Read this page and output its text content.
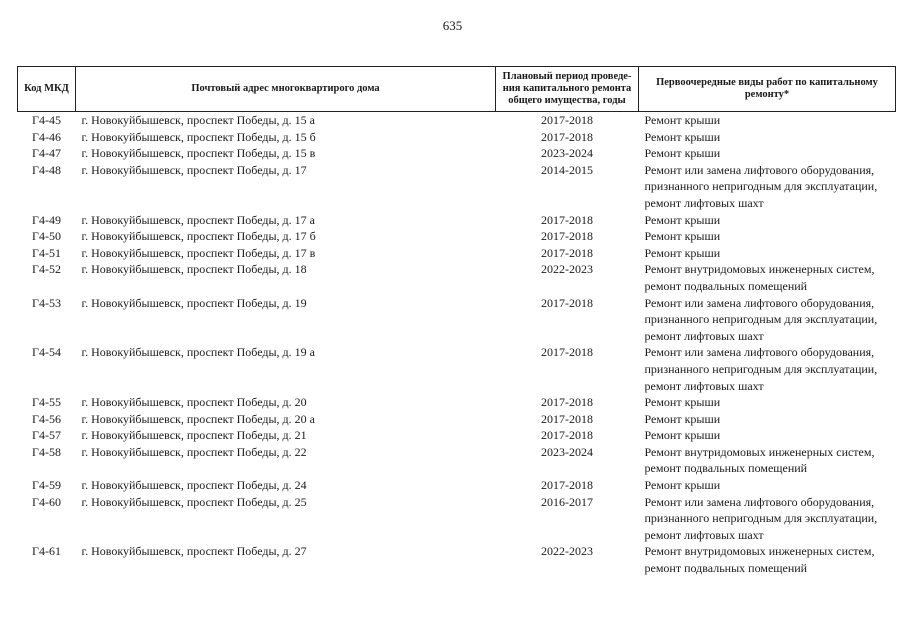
635
Код МКД	Почтовый адрес многоквартирого дома	Плановый период проведе-ния капитального ремонта общего имущества, годы	Первоочередные виды работ по капитальному ремонту*
Г4-45	г. Новокуйбышевск, проспект Победы, д. 15 а	2017-2018	Ремонт крыши

Г4-46	г. Новокуйбышевск, проспект Победы, д. 15 б	2017-2018	Ремонт крыши

Г4-47	г. Новокуйбышевск, проспект Победы, д. 15 в	2023-2024	Ремонт крыши

Г4-48	г. Новокуйбышевск, проспект Победы, д. 17	2014-2015	Ремонт или замена лифтового оборудования,
признанного непригодным для эксплуатации,
ремонт лифтовых шахт

Г4-49	г. Новокуйбышевск, проспект Победы, д. 17 а	2017-2018	Ремонт крыши

Г4-50	г. Новокуйбышевск, проспект Победы, д. 17 б	2017-2018	Ремонт крыши

Г4-51	г. Новокуйбышевск, проспект Победы, д. 17 в	2017-2018	Ремонт крыши

Г4-52	г. Новокуйбышевск, проспект Победы, д. 18	2022-2023	Ремонт внутридомовых инженерных систем,
ремонт подвальных помещений

Г4-53	г. Новокуйбышевск, проспект Победы, д. 19	2017-2018	Ремонт или замена лифтового оборудования,
признанного непригодным для эксплуатации,
ремонт лифтовых шахт

Г4-54	г. Новокуйбышевск, проспект Победы, д. 19 а	2017-2018	Ремонт или замена лифтового оборудования,
признанного непригодным для эксплуатации,
ремонт лифтовых шахт

Г4-55	г. Новокуйбышевск, проспект Победы, д. 20	2017-2018	Ремонт крыши

Г4-56	г. Новокуйбышевск, проспект Победы, д. 20 а	2017-2018	Ремонт крыши

Г4-57	г. Новокуйбышевск, проспект Победы, д. 21	2017-2018	Ремонт крыши

Г4-58	г. Новокуйбышевск, проспект Победы, д. 22	2023-2024	Ремонт внутридомовых инженерных систем,
ремонт подвальных помещений

Г4-59	г. Новокуйбышевск, проспект Победы, д. 24	2017-2018	Ремонт крыши

Г4-60	г. Новокуйбышевск, проспект Победы, д. 25	2016-2017	Ремонт или замена лифтового оборудования,
признанного непригодным для эксплуатации,
ремонт лифтовых шахт

Г4-61	г. Новокуйбышевск, проспект Победы, д. 27	2022-2023	Ремонт внутридомовых инженерных систем,
ремонт подвальных помещений
